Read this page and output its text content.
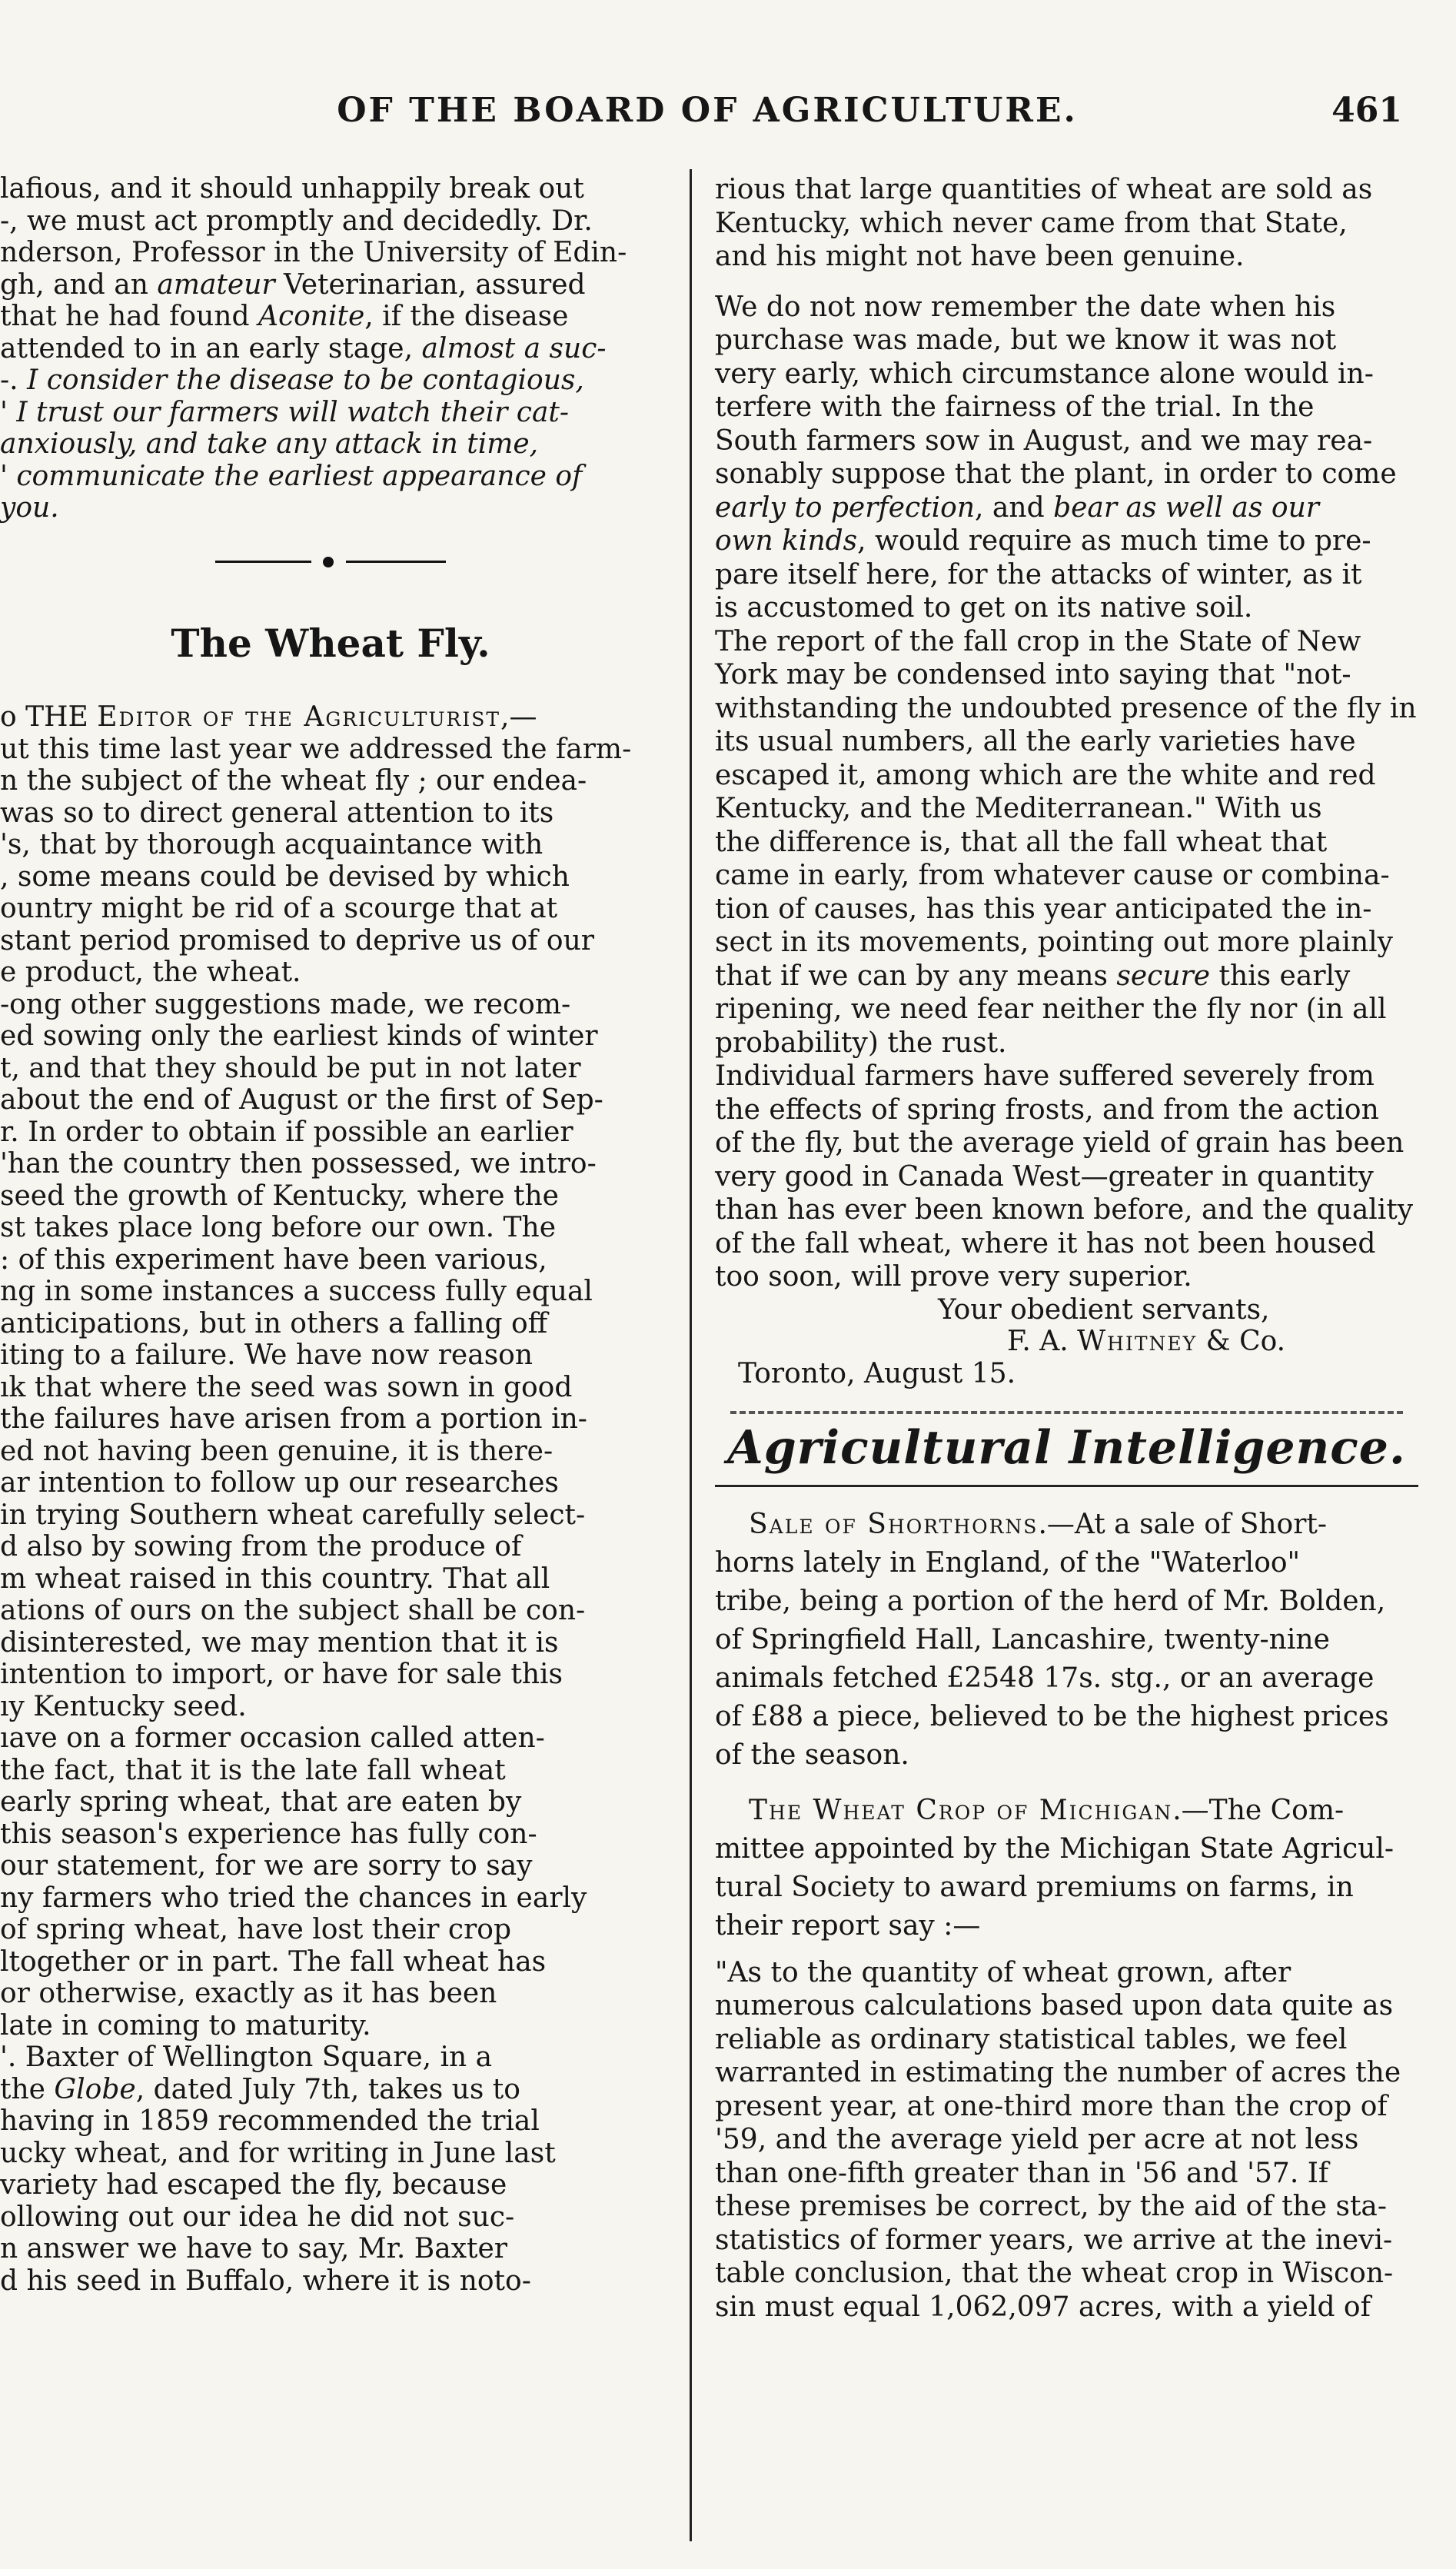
OF THE BOARD OF AGRICULTURE.	461

lafious, and it should unhappily break out

-, we must act promptly and decidedly. Dr.

nderson, Professor in the University of Edin-

gh, and an amateur Veterinarian, assured

that he had found Aconite, if the disease

attended to in an early stage, almost a suc-

-. I consider the disease to be contagious,

' I trust our farmers will watch their cat-

anxiously, and take any attack in time,

' communicate the earliest appearance of

you.

The Wheat Fly.

o THE Editor of the Agriculturist,—

ut this time last year we addressed the farm-

n the subject of the wheat fly ; our endea-

was so to direct general attention to its

's, that by thorough acquaintance with

, some means could be devised by which

ountry might be rid of a scourge that at

stant period promised to deprive us of our

e product, the wheat.

-ong other suggestions made, we recom-

ed sowing only the earliest kinds of winter

t, and that they should be put in not later

about the end of August or the first of Sep-

r. In order to obtain if possible an earlier

'han the country then possessed, we intro-

seed the growth of Kentucky, where the

st takes place long before our own. The

: of this experiment have been various,

ng in some instances a success fully equal

anticipations, but in others a falling off

iting to a failure. We have now reason

ık that where the seed was sown in good

the failures have arisen from a portion in-

ed not having been genuine, it is there-

ar intention to follow up our researches

in trying Southern wheat carefully select-

d also by sowing from the produce of

m wheat raised in this country. That all

ations of ours on the subject shall be con-

disinterested, we may mention that it is

intention to import, or have for sale this

ıy Kentucky seed.

ıave on a former occasion called atten-

the fact, that it is the late fall wheat

early spring wheat, that are eaten by

this season's experience has fully con-

our statement, for we are sorry to say

ny farmers who tried the chances in early

of spring wheat, have lost their crop

ltogether or in part. The fall wheat has

or otherwise, exactly as it has been

late in coming to maturity.

'. Baxter of Wellington Square, in a

the Globe, dated July 7th, takes us to

having in 1859 recommended the trial

ucky wheat, and for writing in June last

variety had escaped the fly, because

ollowing out our idea he did not suc-

n answer we have to say, Mr. Baxter

d his seed in Buffalo, where it is noto-

rious that large quantities of wheat are sold as

Kentucky, which never came from that State,

and his might not have been genuine.

We do not now remember the date when his

purchase was made, but we know it was not

very early, which circumstance alone would in-

terfere with the fairness of the trial. In the

South farmers sow in August, and we may rea-

sonably suppose that the plant, in order to come

early to perfection, and bear as well as our

own kinds, would require as much time to pre-

pare itself here, for the attacks of winter, as it

is accustomed to get on its native soil.

The report of the fall crop in the State of New

York may be condensed into saying that "not-

withstanding the undoubted presence of the fly in

its usual numbers, all the early varieties have

escaped it, among which are the white and red

Kentucky, and the Mediterranean." With us

the difference is, that all the fall wheat that

came in early, from whatever cause or combina-

tion of causes, has this year anticipated the in-

sect in its movements, pointing out more plainly

that if we can by any means secure this early

ripening, we need fear neither the fly nor (in all

probability) the rust.

Individual farmers have suffered severely from

the effects of spring frosts, and from the action

of the fly, but the average yield of grain has been

very good in Canada West—greater in quantity

than has ever been known before, and the quality

of the fall wheat, where it has not been housed

too soon, will prove very superior.

Your obedient servants,

F. A. Whitney & Co.

Toronto, August 15.

Agricultural Intelligence.

Sale of Shorthorns.—At a sale of Short-

horns lately in England, of the "Waterloo"

tribe, being a portion of the herd of Mr. Bolden,

of Springfield Hall, Lancashire, twenty-nine

animals fetched £2548 17s. stg., or an average

of £88 a piece, believed to be the highest prices

of the season.

The Wheat Crop of Michigan.—The Com-

mittee appointed by the Michigan State Agricul-

tural Society to award premiums on farms, in

their report say :—

"As to the quantity of wheat grown, after

numerous calculations based upon data quite as

reliable as ordinary statistical tables, we feel

warranted in estimating the number of acres the

present year, at one-third more than the crop of

'59, and the average yield per acre at not less

than one-fifth greater than in '56 and '57. If

these premises be correct, by the aid of the sta-

statistics of former years, we arrive at the inevi-

table conclusion, that the wheat crop in Wiscon-

sin must equal 1,062,097 acres, with a yield of
